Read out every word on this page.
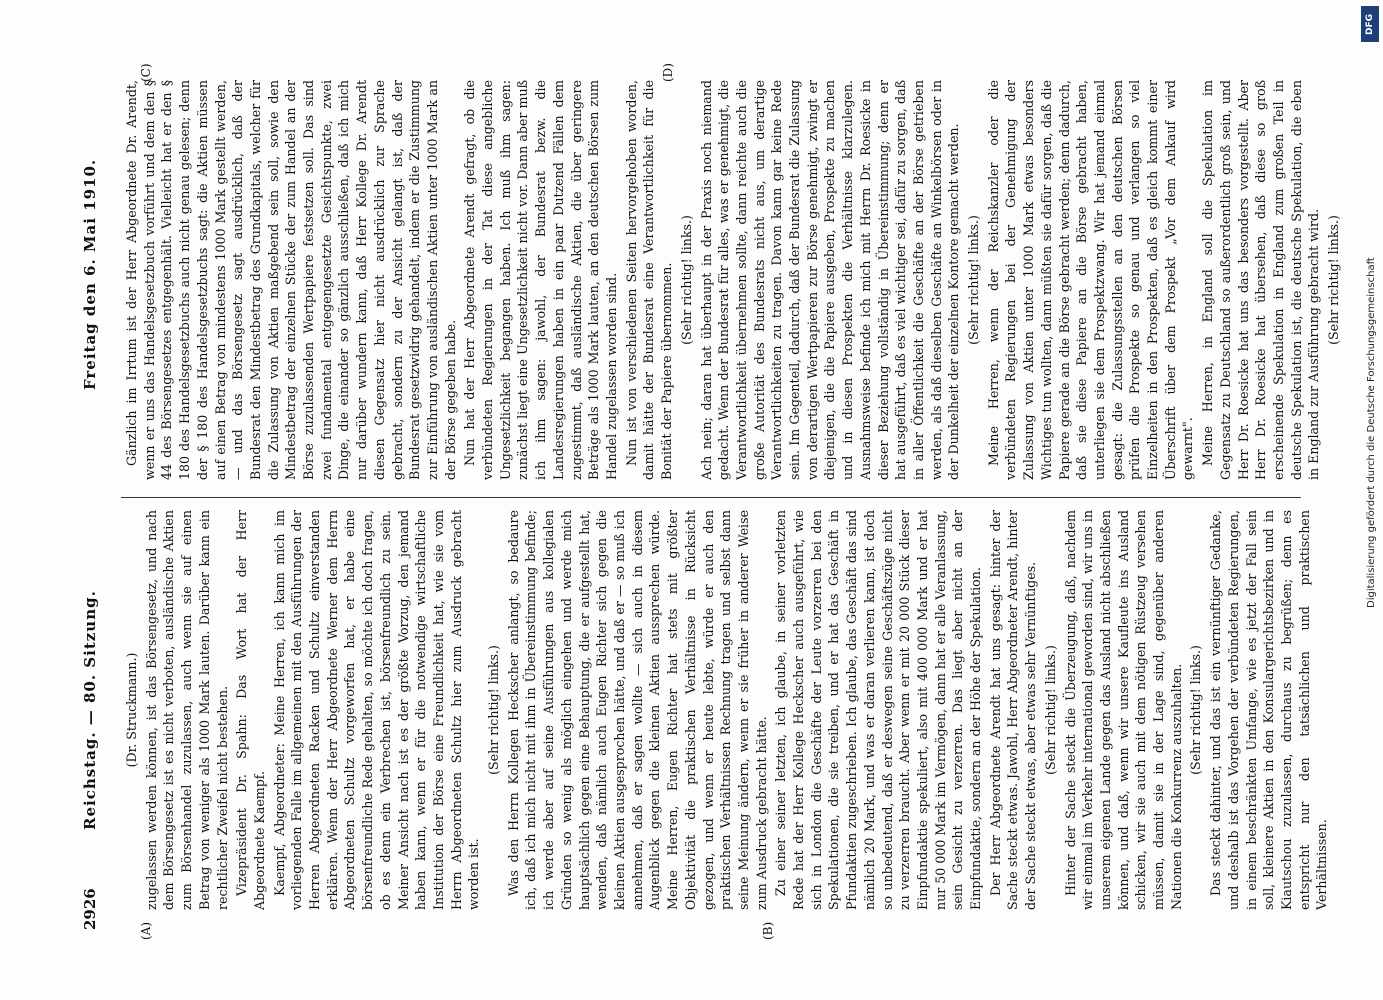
2926
Reichstag. — 80. Sitzung.
Freitag den 6. Mai 1910.
(A)	(B)
(C)	(D)

(Dr. Struckmann.) zugelassen werden können, ist das Börsengesetz, und nach dem Börsengesetz ist es nicht verboten, ausländische Aktien zum Börsenhandel zuzulassen, auch wenn sie auf einen Betrag von weniger als 1000 Mark lauten. Darüber kann ein rechtlicher Zweifel nicht bestehen. Vizepräsident Dr. Spahn: Das Wort hat der Herr Abgeordnete Kaempf. Kaempf, Abgeordneter: Meine Herren, ich kann mich im vorliegenden Falle im allgemeinen mit den Ausführungen der Herren Abgeordneten Racken und Schultz einverstanden erklären. Wenn der Herr Abgeordnete Werner dem Herrn Abgeordneten Schultz vorgeworfen hat, er habe eine börsenfreundliche Rede gehalten, so möchte ich doch fragen, ob es denn ein Verbrechen ist, börsenfreundlich zu sein. Meiner Ansicht nach ist es der größte Vorzug, den jemand haben kann, wenn er für die notwendige wirtschaftliche Institution der Börse eine Freundlichkeit hat, wie sie vom Herrn Abgeordneten Schultz hier zum Ausdruck gebracht worden ist.

(Sehr richtig! links.) Was den Herrn Kollegen Heckscher anlangt, so bedaure ich, daß ich mich nicht mit ihm in Übereinstimmung befinde; ich werde aber auf seine Ausführungen aus kollegialen Gründen so wenig als möglich eingehen und werde mich hauptsächlich gegen eine Behauptung, die er aufgestellt hat, wenden, daß nämlich auch Eugen Richter sich gegen die kleinen Aktien ausgesprochen hätte, und daß er — so muß ich annehmen, daß er sagen wollte — sich auch in diesem Augenblick gegen die kleinen Aktien aussprechen würde. Meine Herren, Eugen Richter hat stets mit größter Objektivität die praktischen Verhältnisse in Rücksicht gezogen, und wenn er heute lebte, würde er auch den praktischen Verhältnissen Rechnung tragen und selbst dann seine Meinung ändern, wenn er sie früher in anderer Weise zum Ausdruck gebracht hätte. Zu einer seiner letzten, ich glaube, in seiner vorletzten Rede hat der Herr Kollege Heckscher auch ausgeführt, wie sich in London die Geschäfte der Leute vorzerren bei den Spekulationen, die sie treiben, und er hat das Geschäft in Pfundaktien zugeschrieben. Ich glaube, das Geschäft das sind nämlich 20 Mark, und was er daran verlieren kann, ist doch so unbedeutend, daß er deswegen seine Geschäftszüge nicht zu verzerren braucht. Aber wenn er mit 20 000 Stück dieser Einpfundaktie spekuliert, also mit 400 000 Mark und er hat nur 50 000 Mark im Vermögen, dann hat er alle Veranlassung, sein Gesicht zu verzerren. Das liegt aber nicht an der Einpfundaktie, sondern an der Höhe der Spekulation. Der Herr Abgeordnete Arendt hat uns gesagt: hinter der Sache steckt etwas. Jawohl, Herr Abgeordneter Arendt, hinter der Sache steckt etwas, aber etwas sehr Vernünftiges. (Sehr richtig! links.) Hinter der Sache steckt die Überzeugung, daß, nachdem wir einmal im Verkehr international geworden sind, wir uns in unserem eigenen Lande gegen das Ausland nicht abschließen können, und daß, wenn wir unsere Kaufleute ins Ausland schicken, wir sie auch mit dem nötigen Rüstzeug versehen müssen, damit sie in der Lage sind, gegenüber anderen Nationen die Konkurrenz auszuhalten. (Sehr richtig! links.) Das steckt dahinter, und das ist ein vernünftiger Gedanke, und deshalb ist das Vorgehen der verbündeten Regierungen, in einem beschränkten Umfange, wie es jetzt der Fall sein soll, kleinere Aktien in den Konsulargerichtsbezirken und in Kiautschou zuzulassen, durchaus zu begrüßen; denn es entspricht nur den tatsächlichen und praktischen Verhältnissen.

Gänzlich im Irrtum ist der Herr Abgeordnete Dr. Arendt, wenn er uns das Handelsgesetzbuch vorführt und dem den § 44 des Börsengesetzes entgegenhält. Vielleicht hat er den § 180 des Handelsgesetzbuchs auch nicht genau gelesen; denn der § 180 des Handelsgesetzbuchs sagt: die Aktien müssen auf einen Betrag von mindestens 1000 Mark gestellt werden, — und das Börsengesetz sagt ausdrücklich, daß der Bundesrat den Mindestbetrag des Grundkapitals, welcher für die Zulassung von Aktien maßgebend sein soll, sowie den Mindestbetrag der einzelnen Stücke der zum Handel an der Börse zuzulassenden Wertpapiere festsetzen soll. Das sind zwei fundamental entgegengesetzte Gesichtspunkte, zwei Dinge, die einander so gänzlich ausschließen, daß ich mich nur darüber wundern kann, daß Herr Kollege Dr. Arendt diesen Gegensatz hier nicht ausdrücklich zur Sprache gebracht, sondern zu der Ansicht gelangt ist, daß der Bundesrat gesetzwidrig gehandelt, indem er die Zustimmung zur Einführung von ausländischen Aktien unter 1000 Mark an der Börse gegeben habe. Nun hat der Herr Abgeordnete Arendt gefragt, ob die verbündeten Regierungen in der Tat diese angebliche Ungesetzlichkeit begangen haben. Ich muß ihm sagen: zunächst liegt eine Ungesetzlichkeit nicht vor. Dann aber muß ich ihm sagen: jawohl, der Bundesrat bezw. die Landesregierungen haben in ein paar Dutzend Fällen dem zugestimmt, daß ausländische Aktien, die über geringere Beträge als 1000 Mark lauten, an den deutschen Börsen zum Handel zugelassen worden sind. Nun ist von verschiedenen Seiten hervorgehoben worden, damit hätte der Bundesrat eine Verantwortlichkeit für die Bonität der Papiere übernommen. (Sehr richtig! links.) Ach nein; daran hat überhaupt in der Praxis noch niemand gedacht. Wenn der Bundesrat für alles, was er genehmigt, die Verantwortlichkeit übernehmen sollte, dann reichte auch die große Autorität des Bundesrats nicht aus, um derartige Verantwortlichkeiten zu tragen. Davon kann gar keine Rede sein. Im Gegenteil, dadurch, daß der Bundesrat die Zulassung von derartigen Wertpapieren zur Börse genehmigt, zwingt er diejenigen, die die Papiere ausgeben, Prospekte zu machen und in diesen Prospekten die Verhältnisse klarzulegen. Ausnahmsweise befinde ich mich mit Herrn Dr. Roesicke in dieser Beziehung vollständig in Übereinstimmung; denn er hat ausgeführt, daß es viel wichtiger sei, dafür zu sorgen, daß in aller Öffentlichkeit die Geschäfte an der Börse getrieben werden, als daß dieselben Geschäfte an Winkelbörsen oder in der Dunkelheit der einzelnen Kontore gemacht werden. (Sehr richtig! links.) Meine Herren, wenn der Reichskanzler oder die verbündeten Regierungen bei der Genehmigung der Zulassung von Aktien unter 1000 Mark etwas besonders Wichtiges tun wollten, dann müßten sie dafür sorgen, daß die Papiere gerade an die Börse gebracht werden; denn dadurch, daß sie diese Papiere an die Börse gebracht haben, unterliegen sie dem Prospektzwang. Wir hat jemand einmal gesagt: die Zulassungsstellen an den deutschen Börsen prüfen die Prospekte so genau und verlangen so viel Einzelheiten in den Prospekten, daß es gleich kommt einer Überschrift über dem Prospekt „Vor dem Ankauf wird gewarnt". Meine Herren, in England soll die Spekulation im Gegensatz zu Deutschland so außerordentlich groß sein, und Herr Dr. Roesicke hat uns das besonders vorgestellt. Aber Herr Dr. Roesicke hat übersehen, daß diese so groß erscheinende Spekulation in England zum großen Teil in deutsche Spekulation ist, die deutsche Spekulation, die eben in England zur Ausführung gebracht wird. (Sehr richtig! links.)

DFG
Digitalisierung gefördert durch die Deutsche Forschungsgemeinschaft
